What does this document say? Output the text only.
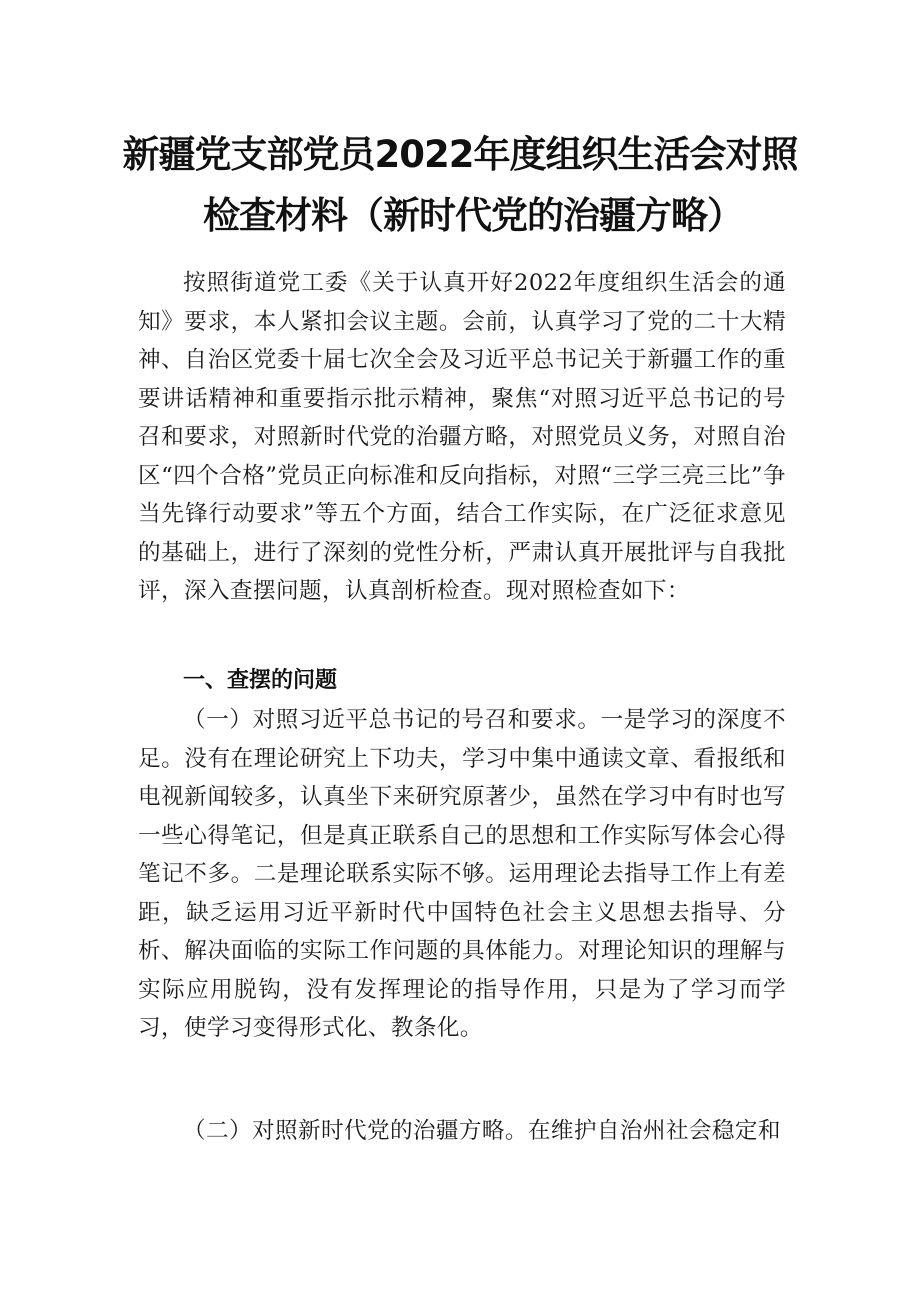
新疆党支部党员2022年度组织生活会对照
检查材料（新时代党的治疆方略）

按照街道党工委《关于认真开好2022年度组织生活会的通知》要求，本人紧扣会议主题。会前，认真学习了党的二十大精神、自治区党委十届七次全会及习近平总书记关于新疆工作的重要讲话精神和重要指示批示精神，聚焦“对照习近平总书记的号召和要求，对照新时代党的治疆方略，对照党员义务，对照自治区“四个合格”党员正向标准和反向指标，对照“三学三亮三比”争当先锋行动要求”等五个方面，结合工作实际，在广泛征求意见的基础上，进行了深刻的党性分析，严肃认真开展批评与自我批评，深入查摆问题，认真剖析检查。现对照检查如下：

一、查摆的问题

（一）对照习近平总书记的号召和要求。一是学习的深度不足。没有在理论研究上下功夫，学习中集中通读文章、看报纸和电视新闻较多，认真坐下来研究原著少，虽然在学习中有时也写一些心得笔记，但是真正联系自己的思想和工作实际写体会心得笔记不多。二是理论联系实际不够。运用理论去指导工作上有差距，缺乏运用习近平新时代中国特色社会主义思想去指导、分析、解决面临的实际工作问题的具体能力。对理论知识的理解与实际应用脱钩，没有发挥理论的指导作用，只是为了学习而学习，使学习变得形式化、教条化。

（二）对照新时代党的治疆方略。在维护自治州社会稳定和
